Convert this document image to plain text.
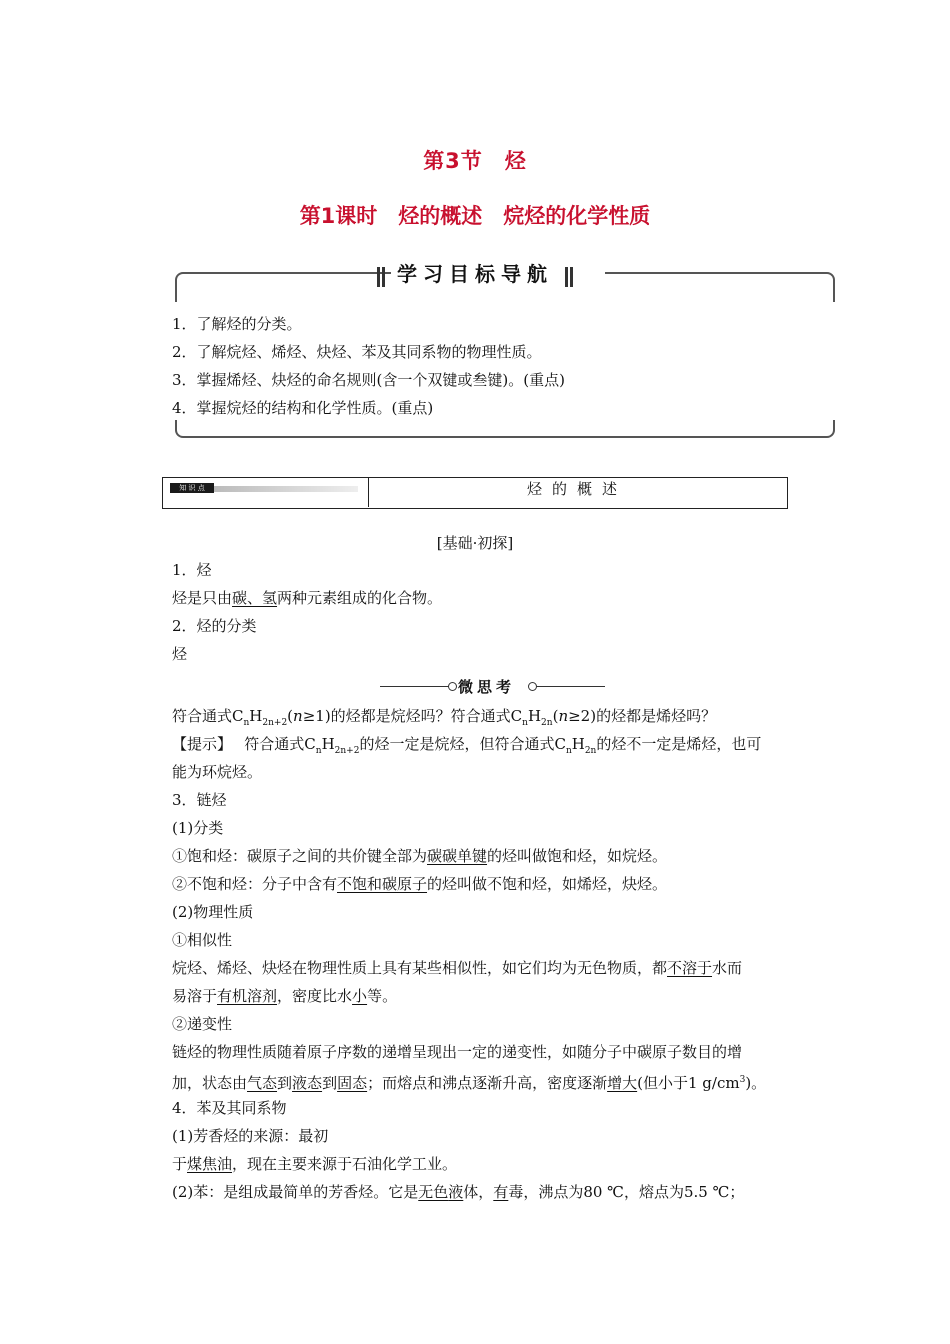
第3节　烃
第1课时　烃的概述　烷烃的化学性质
学习目标导航
1．了解烃的分类。
2．了解烷烃、烯烃、炔烃、苯及其同系物的物理性质。
3．掌握烯烃、炔烃的命名规则(含一个双键或叁键)。(重点)
4．掌握烷烃的结构和化学性质。(重点)
知 识 点	烃的概述
[基础·初探]
1．烃
烃是只由碳、氢两种元素组成的化合物。
2．烃的分类
烃
微思考
符合通式$C_nH_{2n+2}(n\ge 1)$的烃都是烷烃吗？符合通式$C_nH_{2n}(n\ge 2)$的烃都是烯烃吗？
【提示】　 符合通式$C_nH_{2n+2}$的烃一定是烷烃，但符合通式$C_nH_{2n}$的烃不一定是烯烃，也可
能为环烷烃。
3．链烃
(1)分类
①饱和烃：碳原子之间的共价键全部为碳碳单键的烃叫做饱和烃，如烷烃。
②不饱和烃：分子中含有不饱和碳原子的烃叫做不饱和烃，如烯烃，炔烃。
(2)物理性质
①相似性
烷烃、烯烃、炔烃在物理性质上具有某些相似性，如它们均为无色物质，都不溶于水而
易溶于有机溶剂，密度比水小等。
②递变性
链烃的物理性质随着原子序数的递增呈现出一定的递变性，如随分子中碳原子数目的增
加，状态由气态到液态到固态；而熔点和沸点逐渐升高，密度逐渐增大(但小于1 $g/cm^3$)。
4．苯及其同系物
(1)芳香烃的来源：最初
于煤焦油，现在主要来源于石油化学工业。
(2)苯：是组成最简单的芳香烃。它是无色液体，有毒，沸点为80 ℃，熔点为5.5 ℃；
